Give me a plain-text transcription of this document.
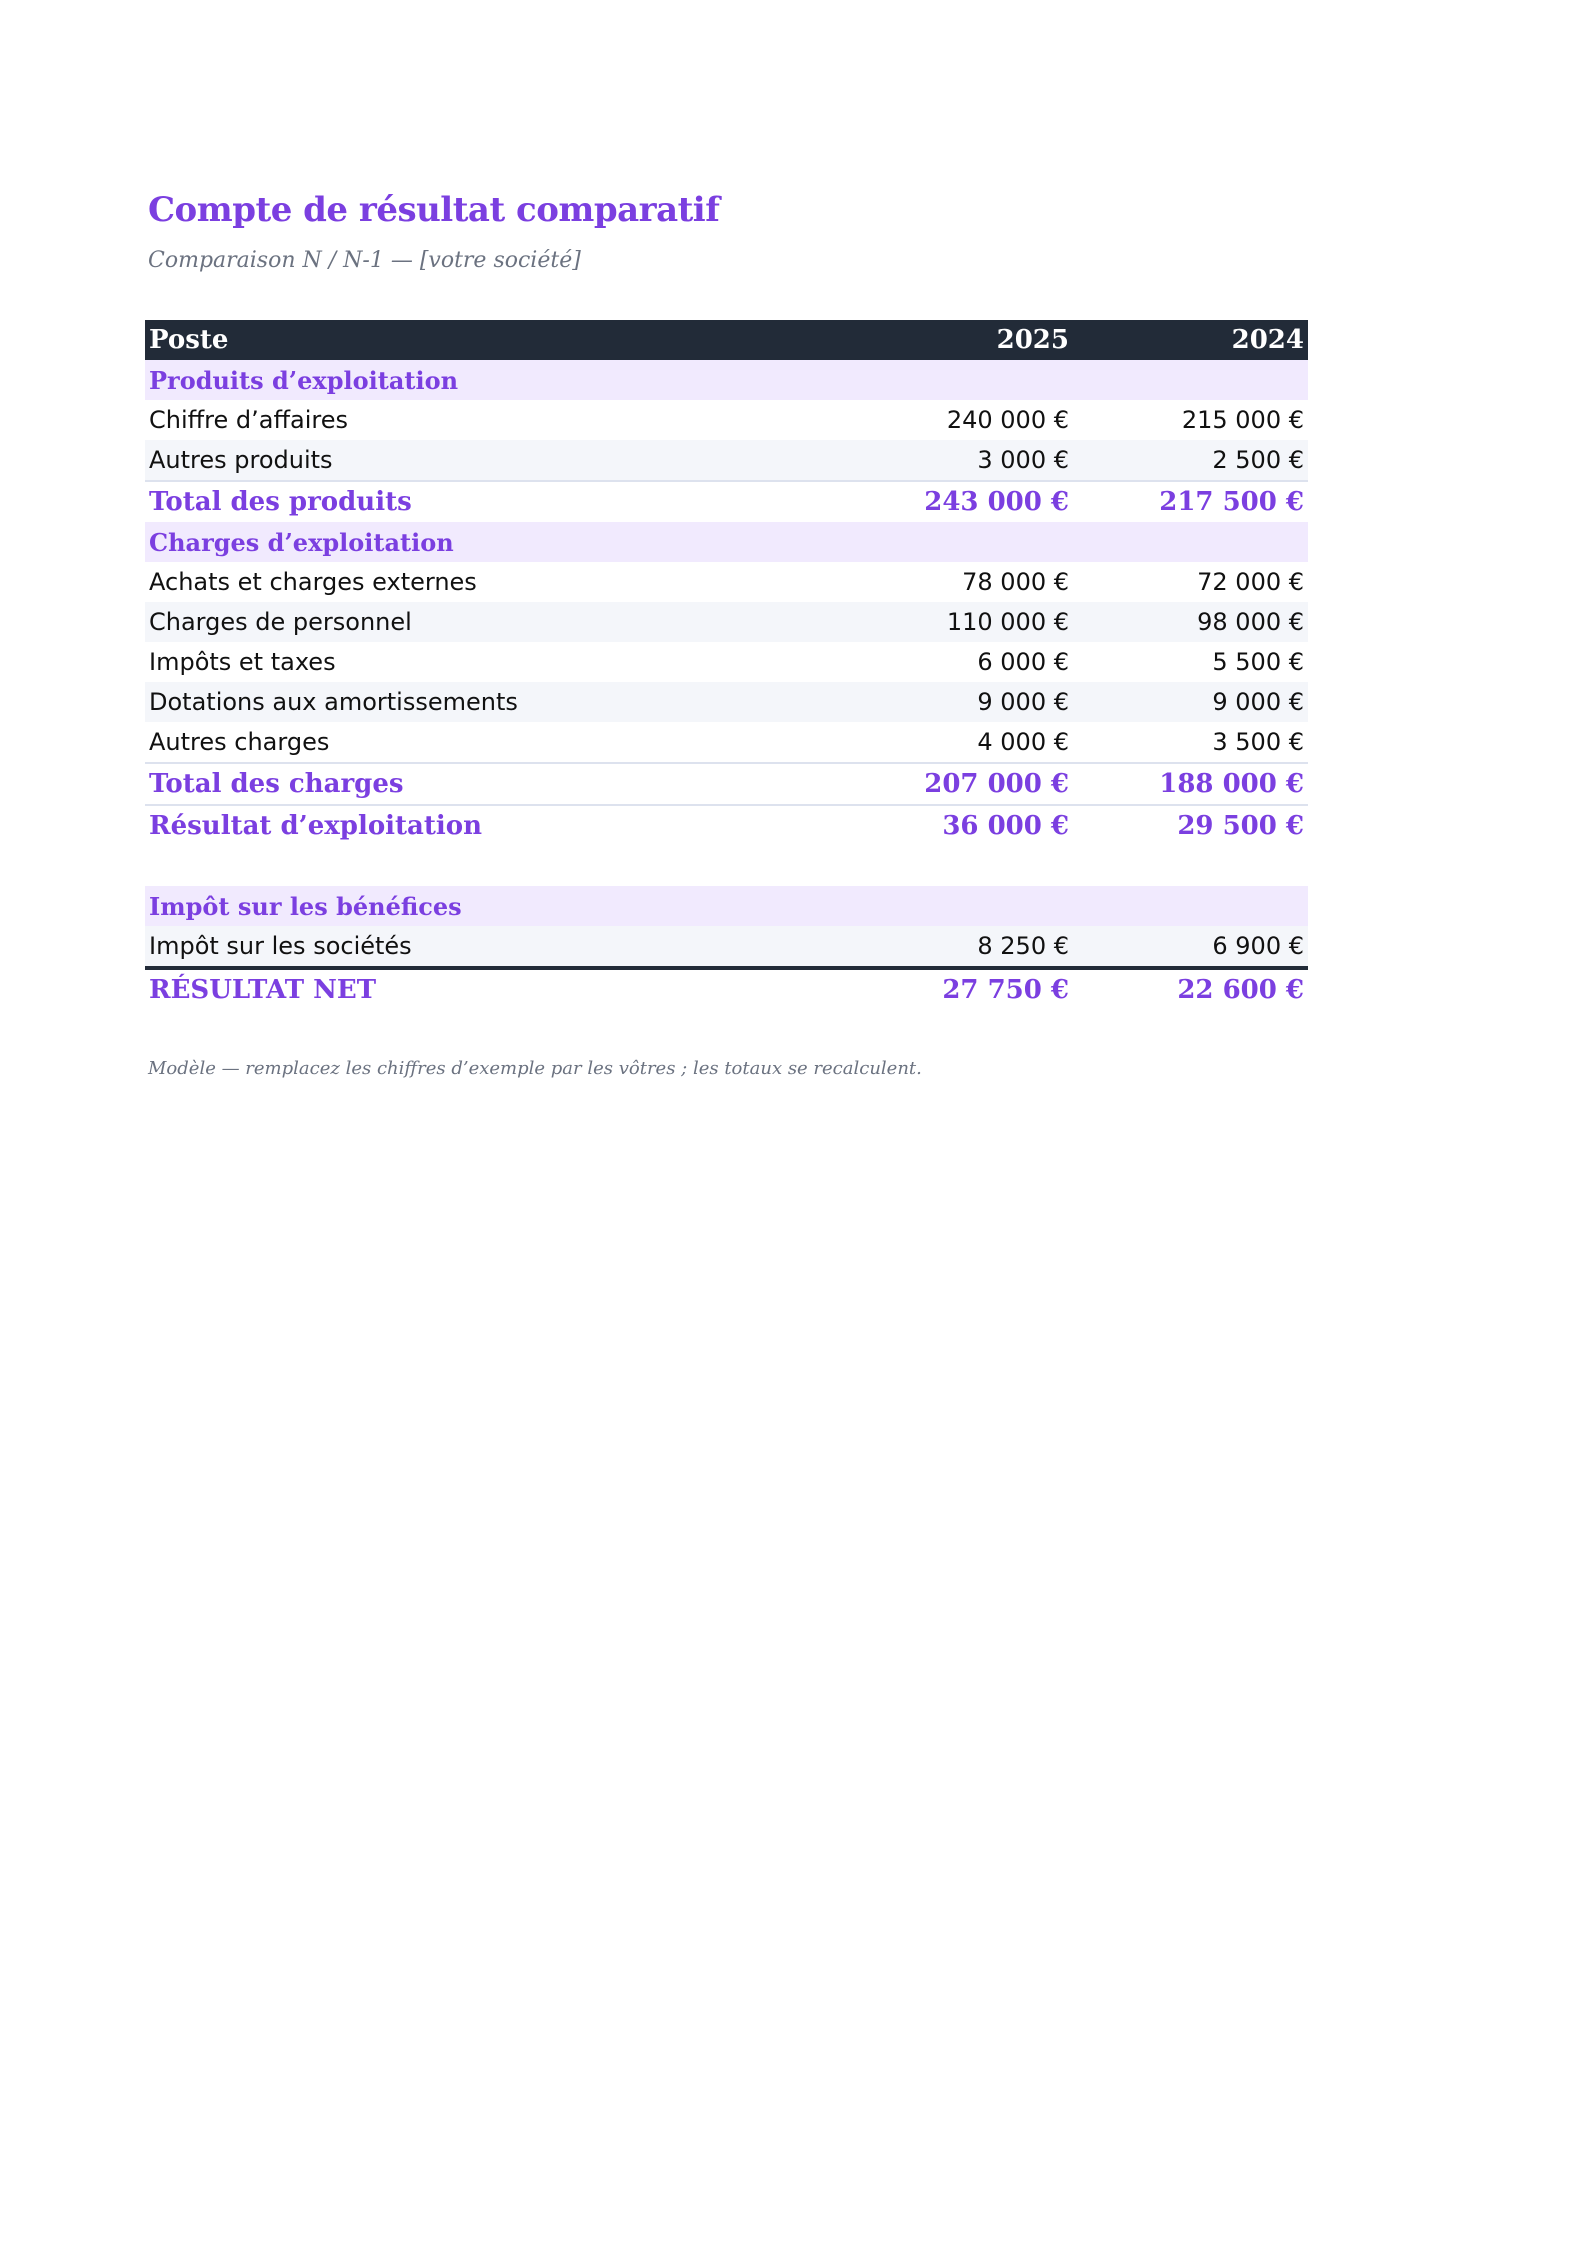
Compte de résultat comparatif
Comparaison N / N-1 — [votre société]
Poste	2025	2024
Produits d’exploitation		
Chiffre d’affaires	240 000 €	215 000 €
Autres produits	3 000 €	2 500 €
Total des produits	243 000 €	217 500 €
Charges d’exploitation		
Achats et charges externes	78 000 €	72 000 €
Charges de personnel	110 000 €	98 000 €
Impôts et taxes	6 000 €	5 500 €
Dotations aux amortissements	9 000 €	9 000 €
Autres charges	4 000 €	3 500 €
Total des charges	207 000 €	188 000 €
Résultat d’exploitation	36 000 €	29 500 €

Impôt sur les bénéfices		
Impôt sur les sociétés	8 250 €	6 900 €
RÉSULTAT NET	27 750 €	22 600 €
Modèle — remplacez les chiffres d’exemple par les vôtres ; les totaux se recalculent.
